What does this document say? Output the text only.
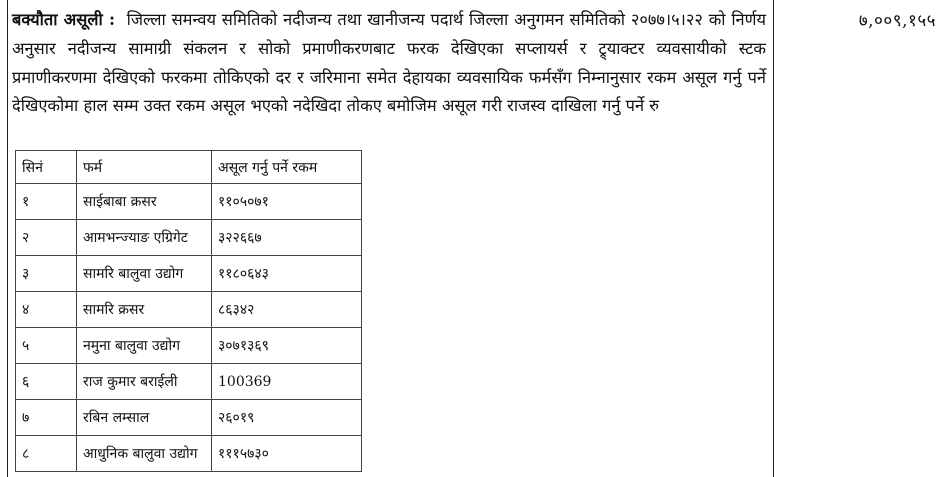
बक्यौता असूली : जिल्ला समन्वय समितिको नदीजन्य तथा खानीजन्य पदार्थ जिल्ला अनुगमन समितिको २०७७।५।२२ को निर्णय अनुसार नदीजन्य सामाग्री संकलन र सोको प्रमाणीकरणबाट फरक देखिएका सप्लायर्स र ट्र्याक्टर व्यवसायीको स्टक प्रमाणीकरणमा देखिएको फरकमा तोकिएको दर र जरिमाना समेत देहायका व्यवसायिक फर्मसँग निम्नानुसार रकम असूल गर्नु पर्ने देखिएकोमा हाल सम्म उक्त रकम असूल भएको नदेखिदा तोकए बमोजिम असूल गरी राजस्व दाखिला गर्नु पर्ने रु
७,००९,१५५
सिनं	फर्म	असूल गर्नु पर्ने रकम
१	साईबाबा क्रसर	११०५०७१
२	आमभन्ज्याङ एग्रिगेट	३२२६६७
३	सामरि बालुवा उद्योग	११८०६४३
४	सामरि क्रसर	८६३४२
५	नमुना बालुवा उद्योग	३०७१३६९
६	राज कुमार बराईली	100369
७	रबिन लम्साल	२६०१९
८	आधुनिक बालुवा उद्योग	१११५७३०
